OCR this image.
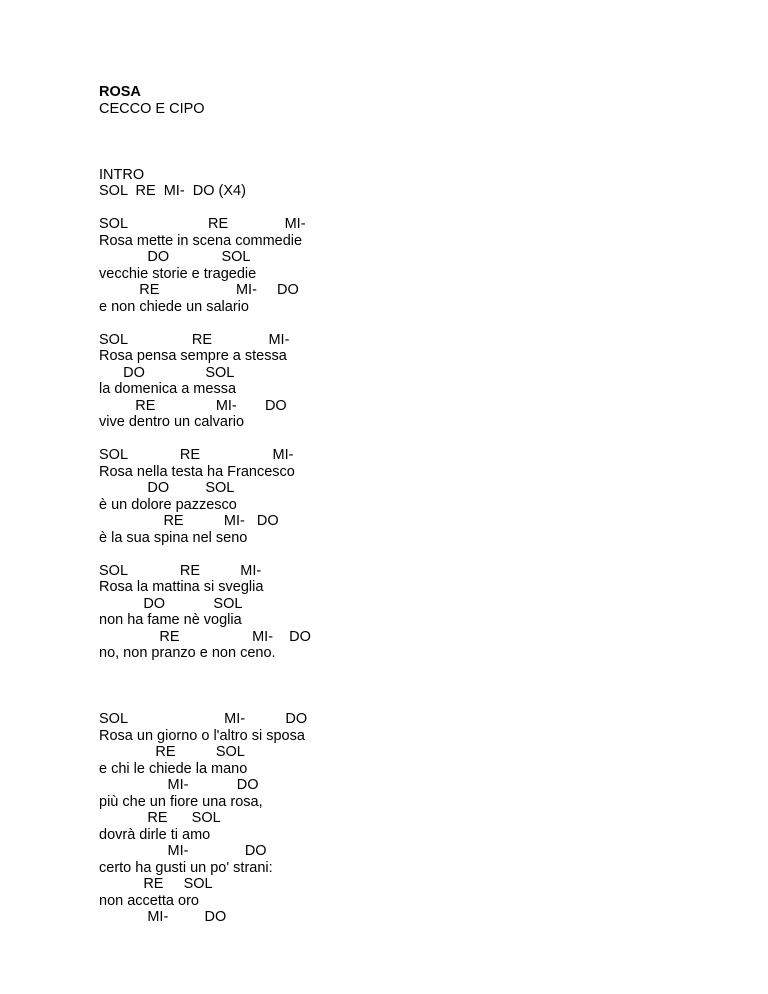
ROSA
CECCO E CIPO
INTRO
SOL  RE  MI-  DO (X4)
SOL                    RE              MI-
Rosa mette in scena commedie
DO             SOL
vecchie storie e tragedie
RE                   MI-     DO
e non chiede un salario
SOL                RE              MI-
Rosa pensa sempre a stessa
DO               SOL
la domenica a messa
RE               MI-       DO
vive dentro un calvario
SOL             RE                  MI-
Rosa nella testa ha Francesco
DO         SOL
è un dolore pazzesco
RE          MI-   DO
è la sua spina nel seno
SOL             RE          MI-
Rosa la mattina si sveglia
DO            SOL
non ha fame nè voglia
RE                  MI-    DO
no, non pranzo e non ceno.
SOL                        MI-          DO
Rosa un giorno o l'altro si sposa
RE          SOL
e chi le chiede la mano
MI-            DO
più che un fiore una rosa,
RE      SOL
dovrà dirle ti amo
MI-              DO
certo ha gusti un po' strani:
RE     SOL
non accetta oro
MI-         DO
